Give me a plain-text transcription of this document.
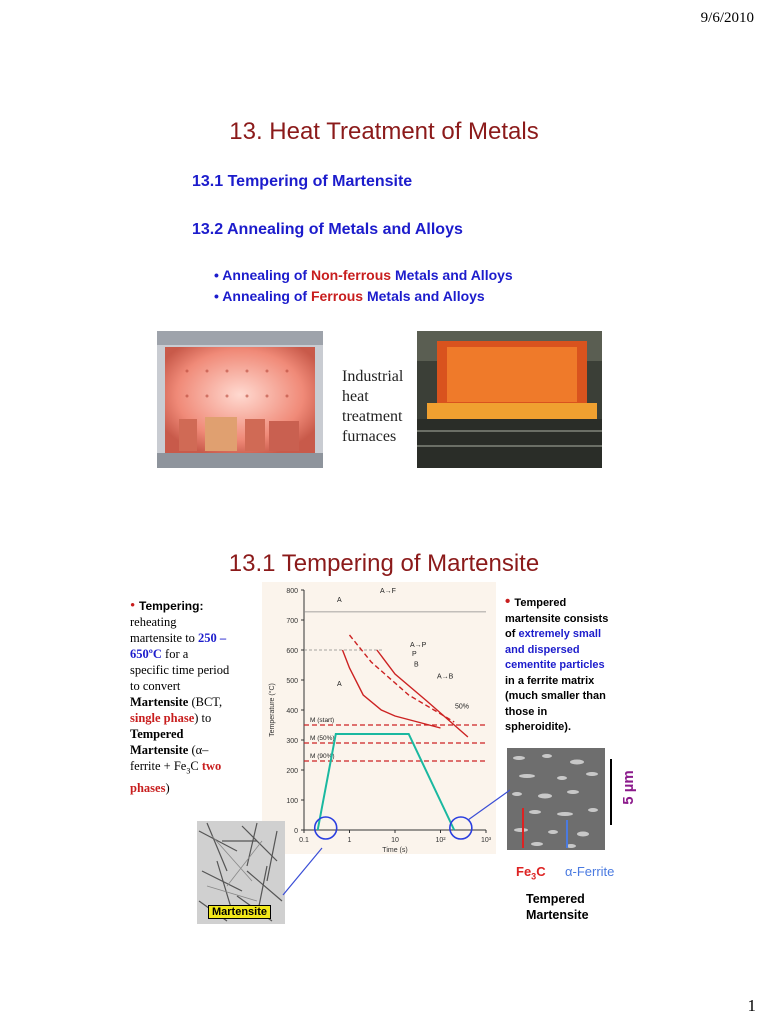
9/6/2010
13. Heat Treatment of Metals
13.1 Tempering of Martensite
13.2 Annealing of Metals and Alloys
• Annealing of Non-ferrous Metals and Alloys
• Annealing of Ferrous Metals and Alloys
Industrial
heat
treatment
furnaces
13.1 Tempering of Martensite
• Tempering:
reheating
martensite to 250 –
650ºC for a
specific time period
to convert
Martensite (BCT,
single phase) to
Tempered
Martensite (α–
ferrite + $Fe_3C$ two
phases)
0
100
200
300
400
500
600
700
800
0.1	1	10	10²	10³
Time (s)
Temperature (°C)	M (start)
M (50%)
M (90%)
A
A
A→F
A→P
P
B
A→B
50%
• Tempered
martensite consists
of extremely small
and dispersed
cementite particles
in a ferrite matrix
(much smaller than
those in
spheroidite).
5 µm
$Fe_3C$ α-Ferrite
Tempered
Martensite
Martensite
1
